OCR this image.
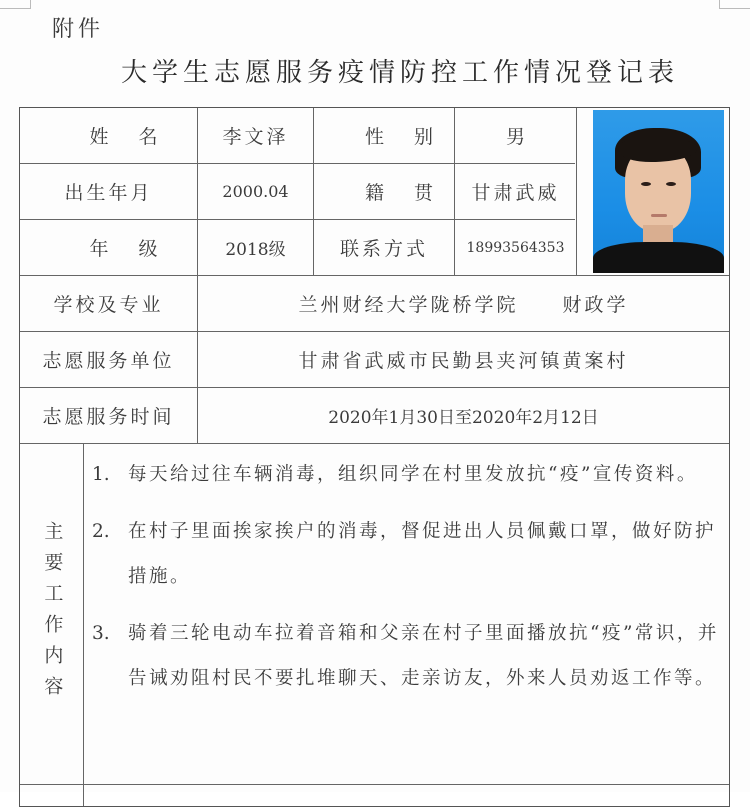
附件
大学生志愿服务疫情防控工作情况登记表
姓名	李文泽	性别	男
出生年月	2000.04	籍贯 甘肃武威
年级	2018级	联系方式	18993564353
学校及专业	兰州财经大学陇桥学院　　财政学
志愿服务单位	甘肃省武威市民勤县夹河镇黄案村
志愿服务时间	2020年1月30日至2020年2月12日
主要工作内容
1. 每天给过往车辆消毒，组织同学在村里发放抗“疫”宣传资料。
2. 在村子里面挨家挨户的消毒，督促进出人员佩戴口罩，做好防护措施。
3. 骑着三轮电动车拉着音箱和父亲在村子里面播放抗“疫”常识，并告诫劝阻村民不要扎堆聊天、走亲访友，外来人员劝返工作等。
